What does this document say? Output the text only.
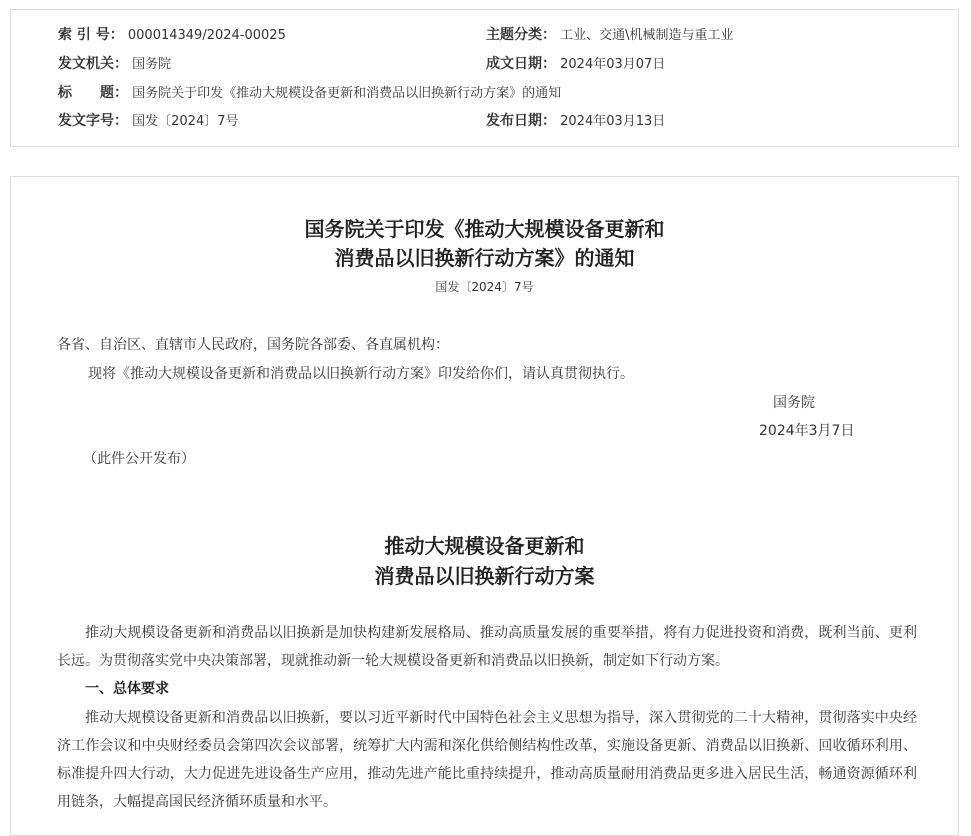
索 引 号： 000014349/2024-00025	主题分类： 工业、交通\机械制造与重工业
发文机关： 国务院	成文日期： 2024年03月07日
标　　题： 国务院关于印发《推动大规模设备更新和消费品以旧换新行动方案》的通知
发文字号： 国发〔2024〕7号	发布日期： 2024年03月13日
国务院关于印发《推动大规模设备更新和
消费品以旧换新行动方案》的通知
国发〔2024〕7号
各省、自治区、直辖市人民政府，国务院各部委、各直属机构：
现将《推动大规模设备更新和消费品以旧换新行动方案》印发给你们，请认真贯彻执行。
国务院
2024年3月7日
（此件公开发布）
推动大规模设备更新和
消费品以旧换新行动方案
推动大规模设备更新和消费品以旧换新是加快构建新发展格局、推动高质量发展的重要举措，将有力促进投资和消费，既利当前、更利长远。为贯彻落实党中央决策部署，现就推动新一轮大规模设备更新和消费品以旧换新，制定如下行动方案。
一、总体要求
推动大规模设备更新和消费品以旧换新，要以习近平新时代中国特色社会主义思想为指导，深入贯彻党的二十大精神，贯彻落实中央经济工作会议和中央财经委员会第四次会议部署，统筹扩大内需和深化供给侧结构性改革，实施设备更新、消费品以旧换新、回收循环利用、标准提升四大行动，大力促进先进设备生产应用，推动先进产能比重持续提升，推动高质量耐用消费品更多进入居民生活，畅通资源循环利用链条，大幅提高国民经济循环质量和水平。
